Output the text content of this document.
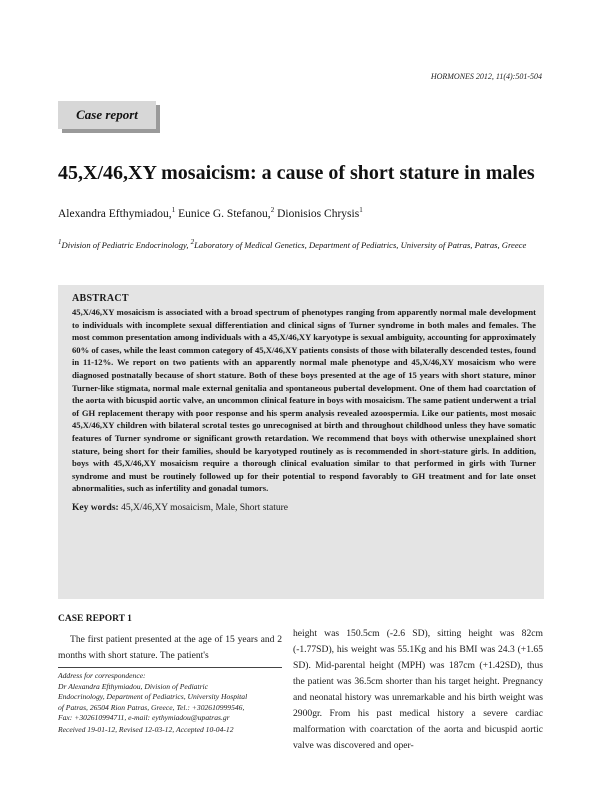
HORMONES 2012, 11(4):501-504
Case report
45,X/46,XY mosaicism: a cause of short stature in males
Alexandra Efthymiadou,$^1$ Eunice G. Stefanou,$^2$ Dionisios Chrysis$^1$
$^1$Division of Pediatric Endocrinology, $^2$Laboratory of Medical Genetics, Department of Pediatrics, University of Patras, Patras, Greece
ABSTRACT

45,X/46,XY mosaicism is associated with a broad spectrum of phenotypes ranging from apparently normal male development to individuals with incomplete sexual differentiation and clinical signs of Turner syndrome in both males and females. The most common presentation among individuals with a 45,X/46,XY karyotype is sexual ambiguity, accounting for approximately 60% of cases, while the least common category of 45,X/46,XY patients consists of those with bilaterally descended testes, found in 11-12%. We report on two patients with an apparently normal male phenotype and 45,X/46,XY mosaicism who were diagnosed postnatally because of short stature. Both of these boys presented at the age of 15 years with short stature, minor Turner-like stigmata, normal male external genitalia and spontaneous pubertal development. One of them had coarctation of the aorta with bicuspid aortic valve, an uncommon clinical feature in boys with mosaicism. The same patient underwent a trial of GH replacement therapy with poor response and his sperm analysis revealed azoospermia. Like our patients, most mosaic 45,X/46,XY children with bilateral scrotal testes go unrecognised at birth and throughout childhood unless they have somatic features of Turner syndrome or significant growth retardation. We recommend that boys with otherwise unexplained short stature, being short for their families, should be karyotyped routinely as is recommended in short-stature girls. In addition, boys with 45,X/46,XY mosaicism require a thorough clinical evaluation similar to that performed in girls with Turner syndrome and must be routinely followed up for their potential to respond favorably to GH treatment and for late onset abnormalities, such as infertility and gonadal tumors.

Key words: 45,X/46,XY mosaicism, Male, Short stature
CASE REPORT 1

The first patient presented at the age of 15 years and 2 months with short stature. The patient's

Address for correspondence:
Dr Alexandra Efthymiadou, Division of Pediatric
Endocrinology, Department of Pediatrics, University Hospital
of Patras, 26504 Rion Patras, Greece, Tel.: +302610999546,
Fax: +302610994711, e-mail: eythymiadou@upatras.gr
Received 19-01-12, Revised 12-03-12, Accepted 10-04-12

height was 150.5cm (-2.6 SD), sitting height was 82cm (-1.77SD), his weight was 55.1Kg and his BMI was 24.3 (+1.65 SD). Mid-parental height (MPH) was 187cm (+1.42SD), thus the patient was 36.5cm shorter than his target height. Pregnancy and neonatal history was unremarkable and his birth weight was 2900gr. From his past medical history a severe cardiac malformation with coarctation of the aorta and bicuspid aortic valve was discovered and oper-
